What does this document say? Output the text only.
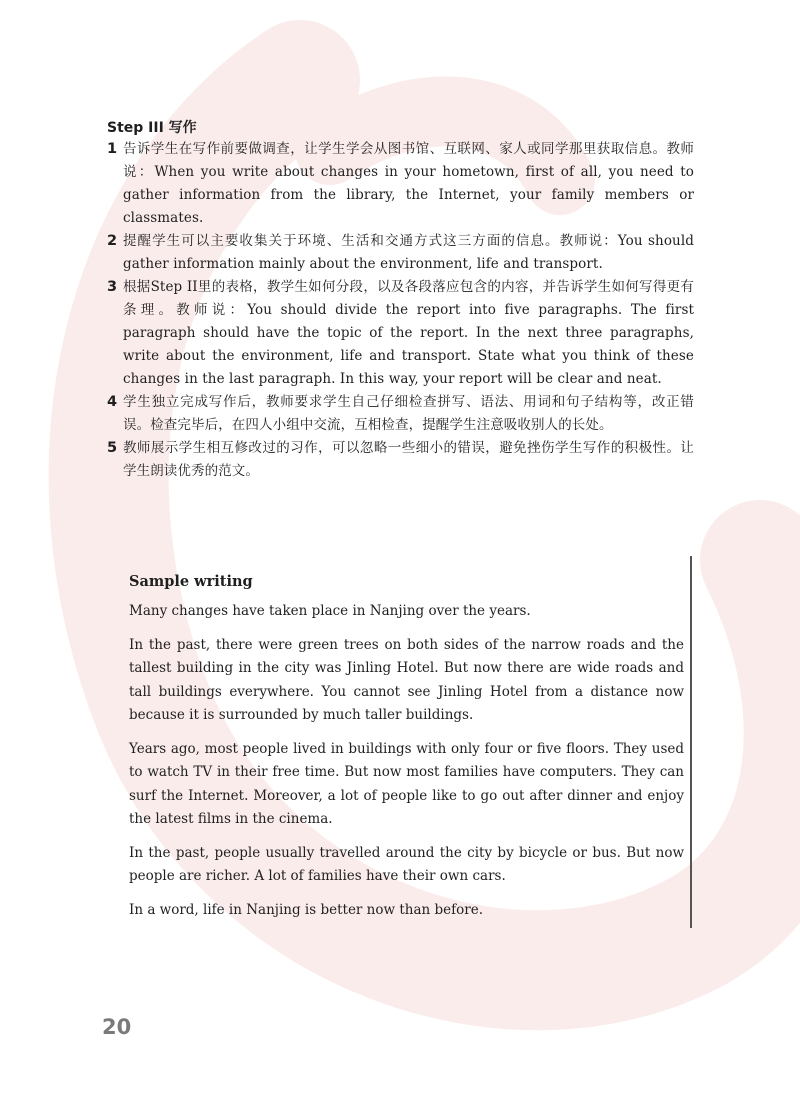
Step III 写作
1 告诉学生在写作前要做调查，让学生学会从图书馆、互联网、家人或同学那里获取信息。教师说：When you write about changes in your hometown, first of all, you need to gather information from the library, the Internet, your family members or classmates.
2 提醒学生可以主要收集关于环境、生活和交通方式这三方面的信息。教师说：You should gather information mainly about the environment, life and transport.
3 根据Step II里的表格，教学生如何分段，以及各段落应包含的内容，并告诉学生如何写得更有条理。教师说：You should divide the report into five paragraphs. The first paragraph should have the topic of the report. In the next three paragraphs, write about the environment, life and transport. State what you think of these changes in the last paragraph. In this way, your report will be clear and neat.
4 学生独立完成写作后，教师要求学生自己仔细检查拼写、语法、用词和句子结构等，改正错误。检查完毕后，在四人小组中交流，互相检查，提醒学生注意吸收别人的长处。
5 教师展示学生相互修改过的习作，可以忽略一些细小的错误，避免挫伤学生写作的积极性。让学生朗读优秀的范文。
Sample writing

Many changes have taken place in Nanjing over the years.

In the past, there were green trees on both sides of the narrow roads and the tallest building in the city was Jinling Hotel. But now there are wide roads and tall buildings everywhere. You cannot see Jinling Hotel from a distance now because it is surrounded by much taller buildings.

Years ago, most people lived in buildings with only four or five floors. They used to watch TV in their free time. But now most families have computers. They can surf the Internet. Moreover, a lot of people like to go out after dinner and enjoy the latest films in the cinema.

In the past, people usually travelled around the city by bicycle or bus. But now people are richer. A lot of families have their own cars.

In a word, life in Nanjing is better now than before.

20
